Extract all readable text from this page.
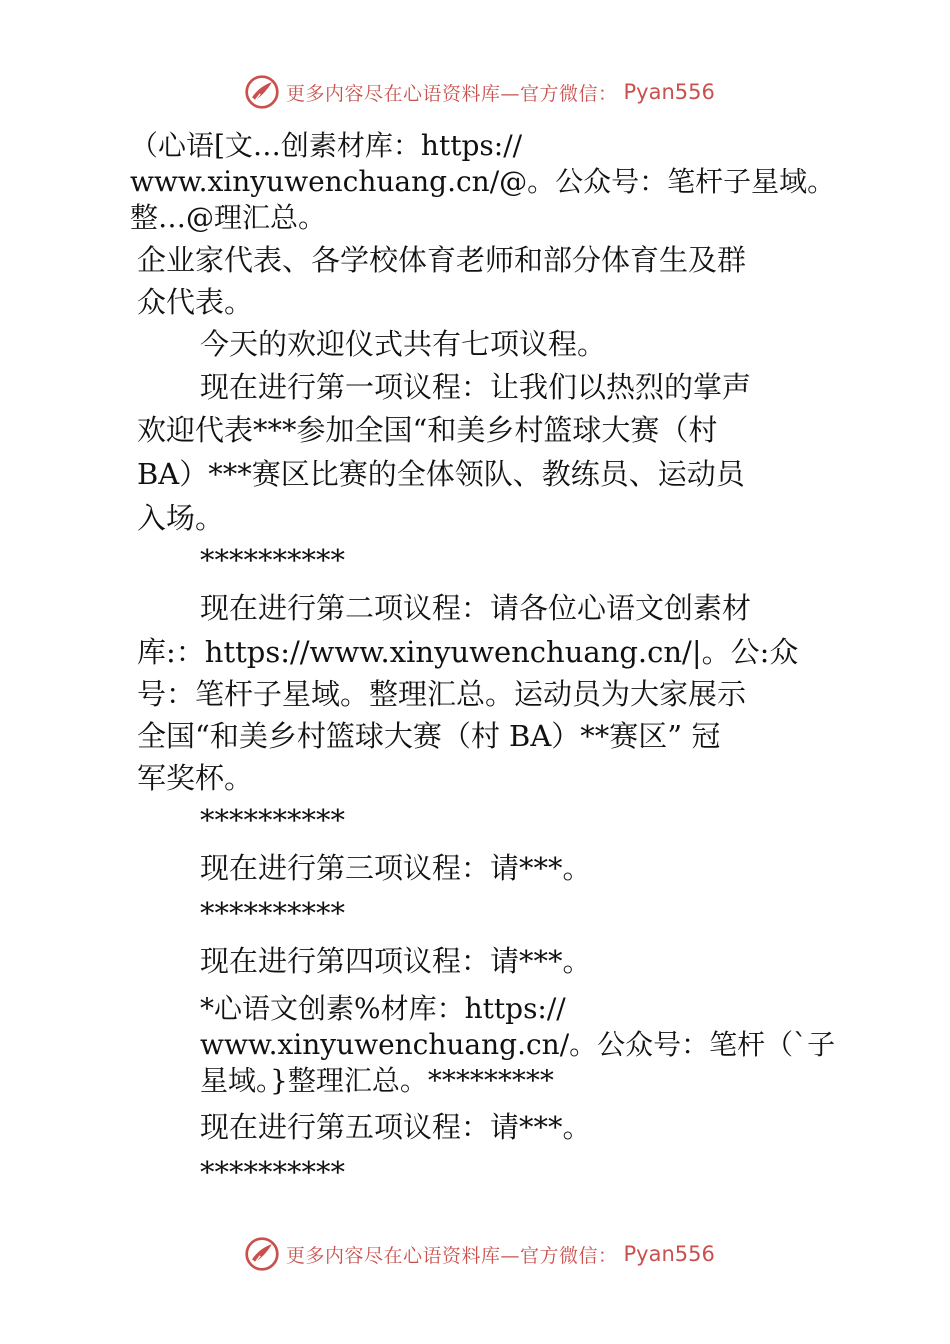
更多内容尽在心语资料库—官方微信： Pyan556
（心语[文…创素材库：https://
www.xinyuwenchuang.cn/@。公众号：笔杆子星域。
整…@理汇总。
企业家代表、各学校体育老师和部分体育生及群
众代表。
今天的欢迎仪式共有七项议程。
现在进行第一项议程：让我们以热烈的掌声
欢迎代表***参加全国“和美乡村篮球大赛（村
BA）***赛区比赛的全体领队、教练员、运动员
入场。
**********
现在进行第二项议程：请各位心语文创素材
库:：https://www.xinyuwenchuang.cn/|。公:众
号：笔杆子星域。整理汇总。运动员为大家展示
全国“和美乡村篮球大赛（村 BA）**赛区” 冠
军奖杯。
**********
现在进行第三项议程：请***。
**********
现在进行第四项议程：请***。
*心语文创素%材库：https://
www.xinyuwenchuang.cn/。公众号：笔杆（`子
星域。}整理汇总。*********
现在进行第五项议程：请***。
**********
更多内容尽在心语资料库—官方微信： Pyan556
